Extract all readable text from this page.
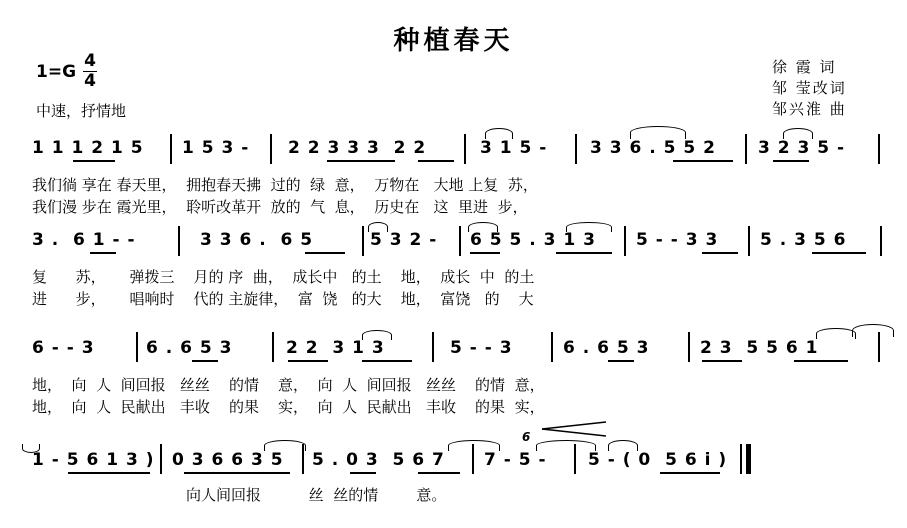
种植春天
1=G
4
4
中速，抒情地
徐 霞 词
邹 莹改词
邹兴淮 曲
1 1 1 2 1 5 1 5 3 - 2 2 3 3 3  2 2	3 1 5 -	3 3 6 . 5 5 2 3 2 3 5 -
我们徜 享在 春天里，  拥抱春天拂  过的  绿  意，  万物在   大地 上复  苏，
我们漫 步在 霞光里，  聆听改革开  放的  气  息，  历史在   这  里进  步，
3 .  6 1 - -	3 3 6 .  6 5	5 3 2 - 6 5 5 . 3 1 3 5 - - 3 3 5 . 3 5 6
复      苏，     弹拨三    月的 序  曲，  成长中   的土    地，  成长  中  的土
进      步，     唱响时    代的 主旋律，  富  饶   的大    地，  富饶   的    大
6 - - 3	6 . 6 5 3	2 2  3 1 3	5 - - 3	6 . 6 5 3	2 3  5 5 6 1
地，  向  人  间回报   丝丝    的情    意，  向  人  间回报   丝丝    的情  意，
地，  向  人  民献出   丰收    的果    实，  向  人  民献出   丰收    的果  实，
1 - 5 6 1 3 ) 0 3 6 6 3 5 5 . 0 3  5 6 7 7 - 5 - 5 - ( 0  5 6 i )
6
向人间回报          丝  丝的情        意。
